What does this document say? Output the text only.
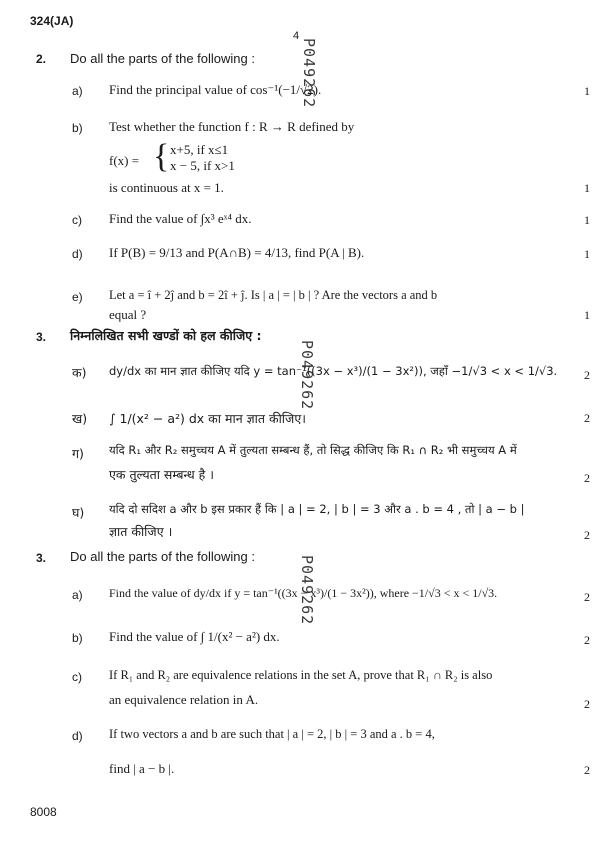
324(JA)
4
P049262
P049262
P049262
2. Do all the parts of the following :
a) Find the principal value of cos⁻¹(−1/√2).	1
b) Test whether the function f : R → R defined by
f(x) = { x+5, if x≤1
x − 5, if x>1
is continuous at x = 1.	1
c) Find the value of ∫x³ eˣ⁴ dx.	1
d) If P(B) = 9/13 and P(A∩B) = 4/13, find P(A | B).	1
e) Let a = î + 2ĵ and b = 2î + ĵ. Is | a | = | b | ? Are the vectors a and b
equal ?	1
3. निम्नलिखित सभी खण्डों को हल कीजिए :
क) dy/dx का मान ज्ञात कीजिए यदि y = tan⁻¹((3x − x³)/(1 − 3x²)), जहाँ −1/√3 < x < 1/√3.	2
ख) ∫ 1/(x² − a²) dx का मान ज्ञात कीजिए।	2
ग) यदि R₁ और R₂ समुच्चय A में तुल्यता सम्बन्ध हैं, तो सिद्ध कीजिए कि R₁ ∩ R₂ भी समुच्चय A में
एक तुल्यता सम्बन्ध है ।	2
घ) यदि दो सदिश a और b इस प्रकार हैं कि | a | = 2, | b | = 3 और a . b = 4 , तो | a − b |
ज्ञात कीजिए ।	2
3. Do all the parts of the following :
a) Find the value of dy/dx if y = tan⁻¹((3x − x³)/(1 − 3x²)), where −1/√3 < x < 1/√3.	2
b) Find the value of ∫ 1/(x² − a²) dx.	2
c) If R₁ and R₂ are equivalence relations in the set A, prove that R₁ ∩ R₂ is also
an equivalence relation in A.	2
d) If two vectors a and b are such that | a | = 2, | b | = 3 and a . b = 4,
find | a − b |.	2
8008
